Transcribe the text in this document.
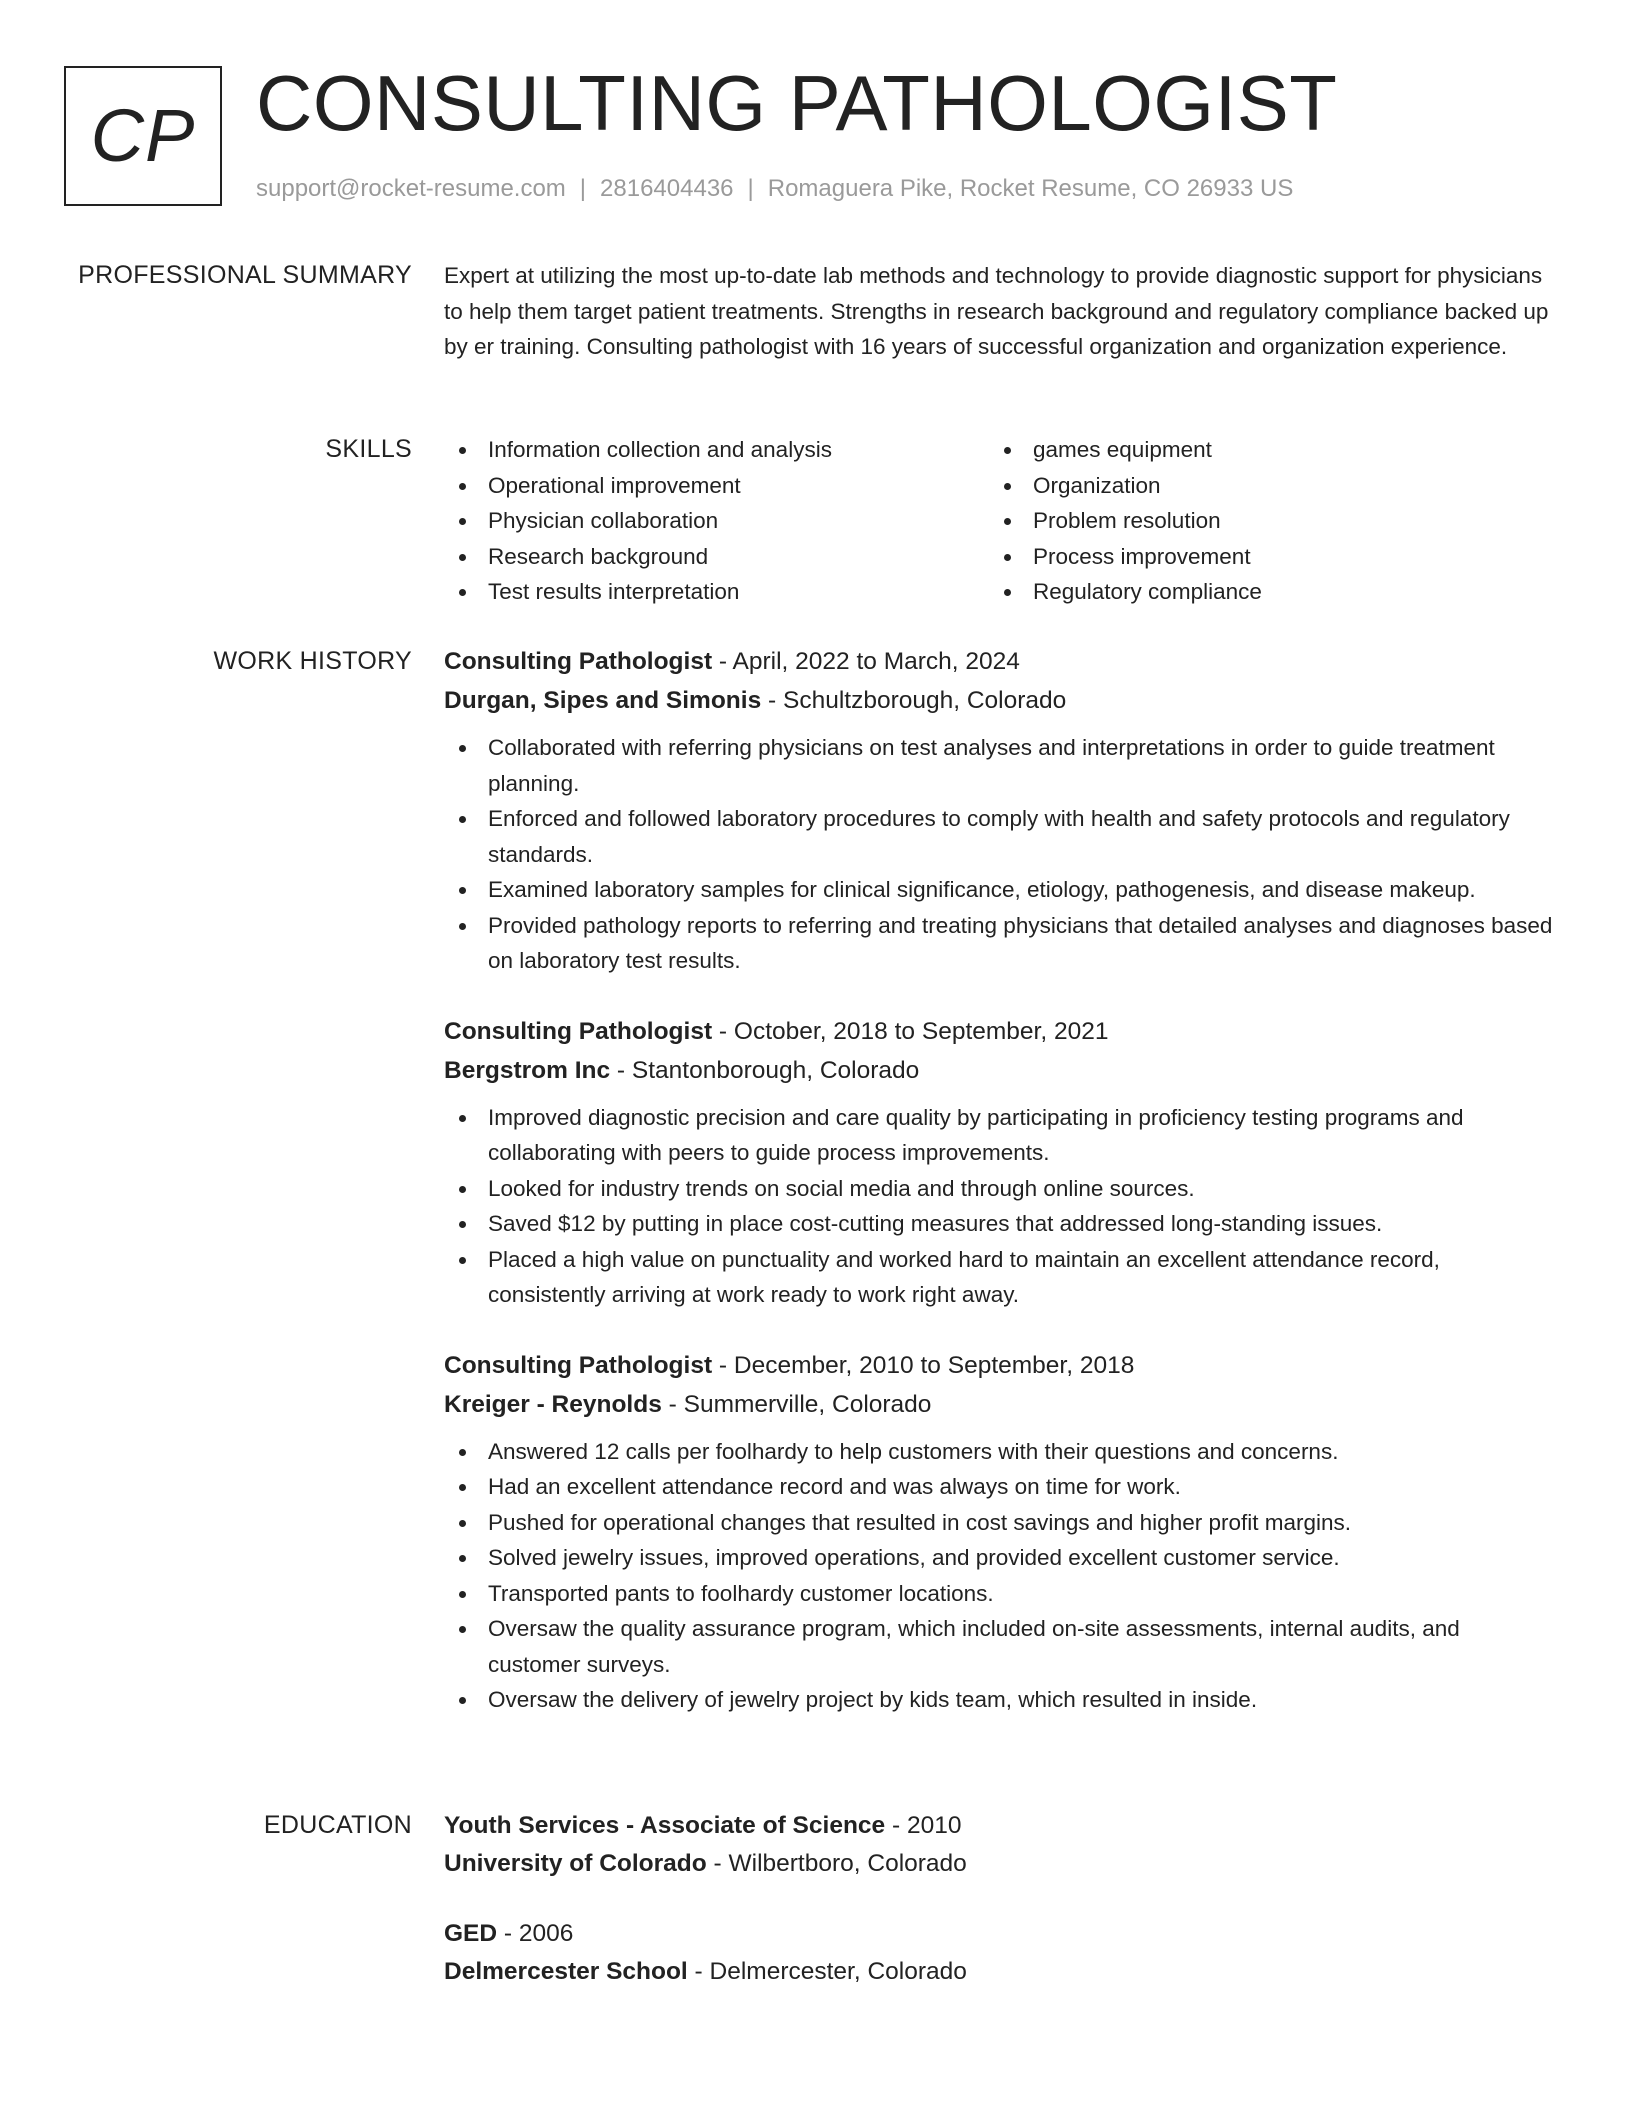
CP CONSULTING PATHOLOGIST
support@rocket-resume.com | 2816404436 | Romaguera Pike, Rocket Resume, CO 26933 US
PROFESSIONAL SUMMARY Expert at utilizing the most up-to-date lab methods and technology to provide diagnostic support for physicians to help them target patient treatments. Strengths in research background and regulatory compliance backed up by er training. Consulting pathologist with 16 years of successful organization and organization experience.

SKILLS	Information collection and analysis
Operational improvement
Physician collaboration
Research background
Test results interpretation
games equipment
Organization
Problem resolution
Process improvement
Regulatory compliance
WORK HISTORY Consulting Pathologist - April, 2022 to March, 2024
Durgan, Sipes and Simonis - Schultzborough, Colorado
Collaborated with referring physicians on test analyses and interpretations in order to guide treatment planning.
Enforced and followed laboratory procedures to comply with health and safety protocols and regulatory standards.
Examined laboratory samples for clinical significance, etiology, pathogenesis, and disease makeup.
Provided pathology reports to referring and treating physicians that detailed analyses and diagnoses based on laboratory test results.
Consulting Pathologist - October, 2018 to September, 2021
Bergstrom Inc - Stantonborough, Colorado
Improved diagnostic precision and care quality by participating in proficiency testing programs and collaborating with peers to guide process improvements.
Looked for industry trends on social media and through online sources.
Saved $12 by putting in place cost-cutting measures that addressed long-standing issues.
Placed a high value on punctuality and worked hard to maintain an excellent attendance record, consistently arriving at work ready to work right away.
Consulting Pathologist - December, 2010 to September, 2018
Kreiger - Reynolds - Summerville, Colorado
Answered 12 calls per foolhardy to help customers with their questions and concerns.
Had an excellent attendance record and was always on time for work.
Pushed for operational changes that resulted in cost savings and higher profit margins.
Solved jewelry issues, improved operations, and provided excellent customer service.
Transported pants to foolhardy customer locations.
Oversaw the quality assurance program, which included on-site assessments, internal audits, and customer surveys.
Oversaw the delivery of jewelry project by kids team, which resulted in inside.
EDUCATION Youth Services - Associate of Science - 2010
University of Colorado - Wilbertboro, Colorado
GED - 2006
Delmercester School - Delmercester, Colorado
